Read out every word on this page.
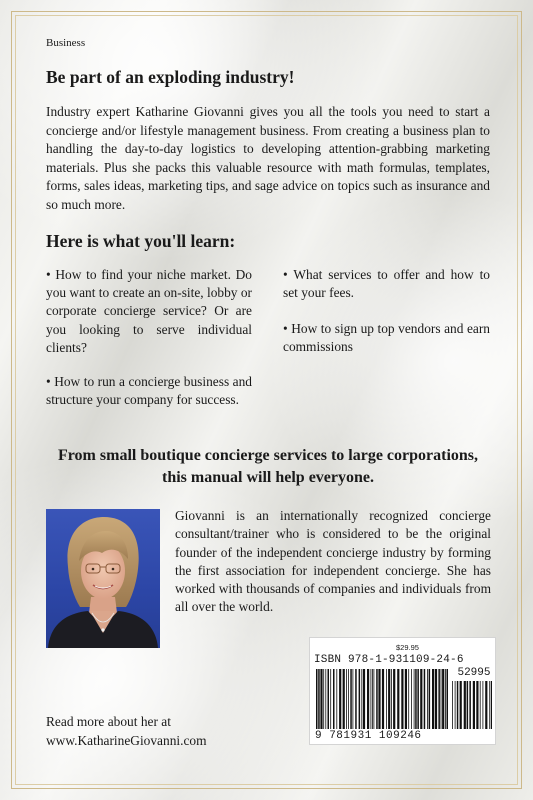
Business
Be part of an exploding industry!
Industry expert Katharine Giovanni gives you all the tools you need to start a concierge and/or lifestyle management business. From creating a business plan to handling the day-to-day logistics to developing attention-grabbing marketing materials. Plus she packs this valuable resource with math formulas, templates, forms, sales ideas, marketing tips, and sage advice on topics such as insurance and so much more.
Here is what you'll learn:
• How to find your niche market. Do you want to create an on-site, lobby or corporate concierge service? Or are you looking to serve individual clients?
• How to run a concierge business and structure your company for success.
• What services to offer and how to set your fees.
• How to sign up top vendors and earn commissions
From small boutique concierge services to large corporations, this manual will help everyone.
Giovanni is an internationally recognized concierge consultant/trainer who is considered to be the original founder of the independent concierge industry by forming the first association for independent concierge. She has worked with thousands of companies and individuals from all over the world.
Read more about her at
www.KatharineGiovanni.com
$29.95
ISBN 978-1-931109-24-6
52995
9 781931 109246
